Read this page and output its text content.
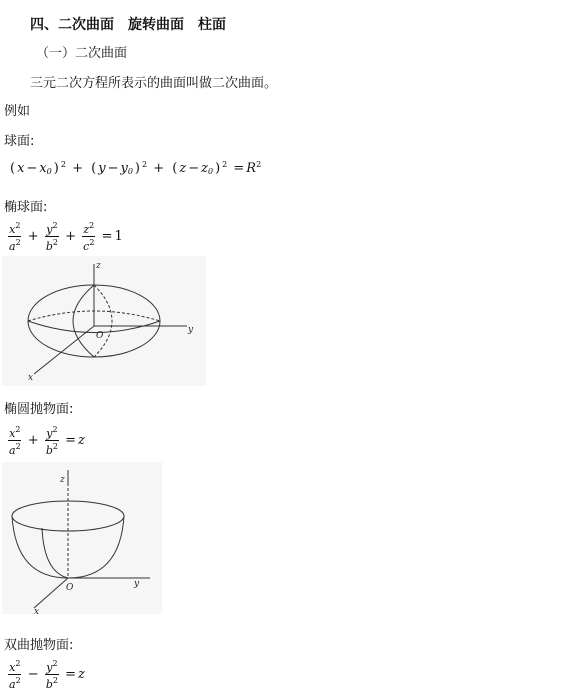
四、二次曲面　旋转曲面　柱面
（一）二次曲面
三元二次方程所表示的曲面叫做二次曲面。
例如
球面:
( $x - x_0$ ) $^2$ + ( $y - y_0$ ) $^2$ + ( $z - z_0$ ) $^2 = R^2$
椭球面:
$\frac{x^2}{a^2} + \frac{y^2}{b^2} + \frac{z^2}{c^2} = 1$
z
y
x
O
椭圆抛物面:
$\frac{x^2}{a^2} + \frac{y^2}{b^2} = z$
z
y
x
O
双曲抛物面:
$\frac{x^2}{a^2} - \frac{y^2}{b^2} = z$
